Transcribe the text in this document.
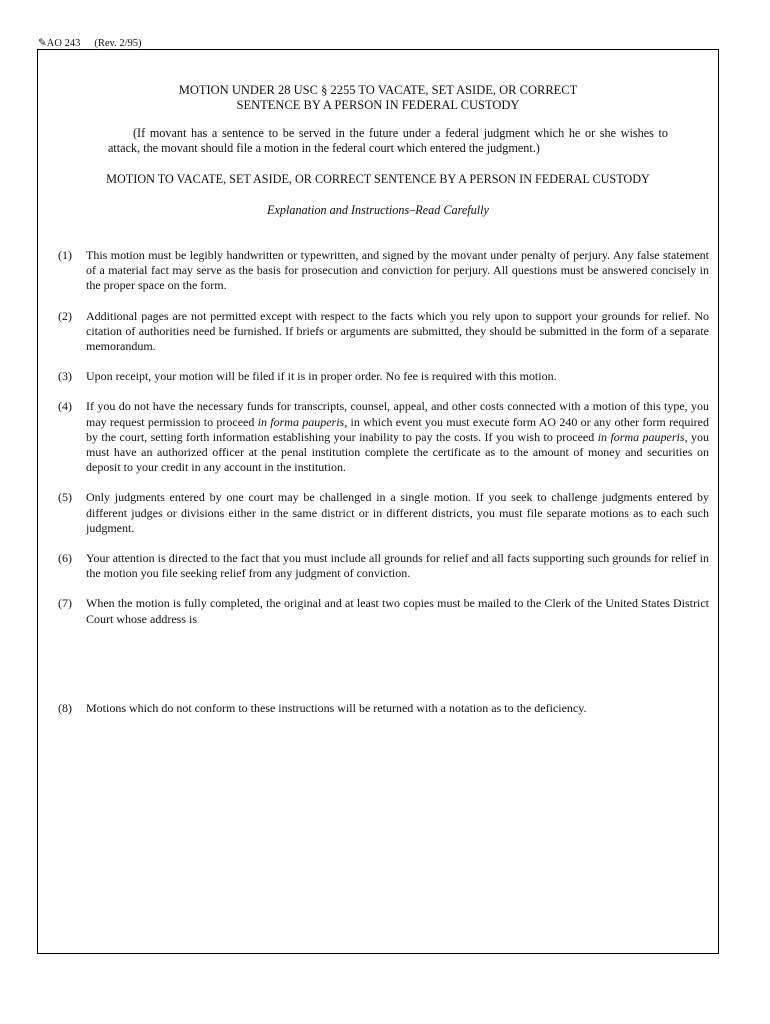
✎AO 243 (Rev. 2/95)
MOTION UNDER 28 USC § 2255 TO VACATE, SET ASIDE, OR CORRECT
SENTENCE BY A PERSON IN FEDERAL CUSTODY
(If movant has a sentence to be served in the future under a federal judgment which he or she wishes to attack, the movant should file a motion in the federal court which entered the judgment.)
MOTION TO VACATE, SET ASIDE, OR CORRECT SENTENCE BY A PERSON IN FEDERAL CUSTODY
Explanation and Instructions–Read Carefully
(1) This motion must be legibly handwritten or typewritten, and signed by the movant under penalty of perjury. Any false statement of a material fact may serve as the basis for prosecution and conviction for perjury. All questions must be answered concisely in the proper space on the form.
(2) Additional pages are not permitted except with respect to the facts which you rely upon to support your grounds for relief. No citation of authorities need be furnished. If briefs or arguments are submitted, they should be submitted in the form of a separate memorandum.
(3) Upon receipt, your motion will be filed if it is in proper order. No fee is required with this motion.
(4) If you do not have the necessary funds for transcripts, counsel, appeal, and other costs connected with a motion of this type, you may request permission to proceed in forma pauperis, in which event you must execute form AO 240 or any other form required by the court, setting forth information establishing your inability to pay the costs. If you wish to proceed in forma pauperis, you must have an authorized officer at the penal institution complete the certificate as to the amount of money and securities on deposit to your credit in any account in the institution.
(5) Only judgments entered by one court may be challenged in a single motion. If you seek to challenge judgments entered by different judges or divisions either in the same district or in different districts, you must file separate motions as to each such judgment.
(6) Your attention is directed to the fact that you must include all grounds for relief and all facts supporting such grounds for relief in the motion you file seeking relief from any judgment of conviction.
(7) When the motion is fully completed, the original and at least two copies must be mailed to the Clerk of the United States District Court whose address is
(8) Motions which do not conform to these instructions will be returned with a notation as to the deficiency.
